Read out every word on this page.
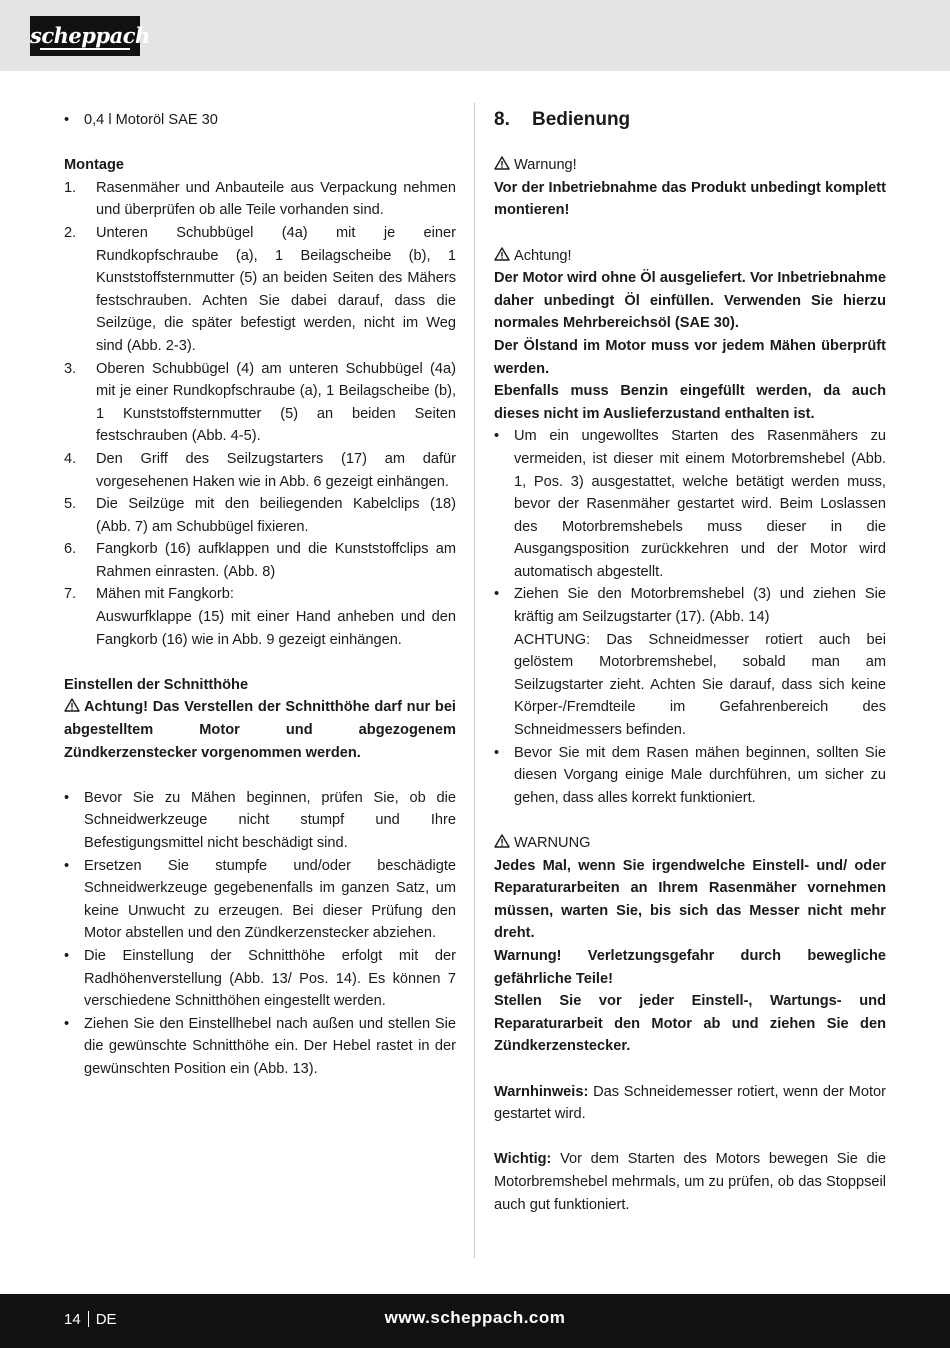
scheppach
• 0,4 l Motoröl SAE 30
Montage
1. Rasenmäher und Anbauteile aus Verpackung nehmen und überprüfen ob alle Teile vorhanden sind.
2. Unteren Schubbügel (4a) mit je einer Rundkopfschraube (a), 1 Beilagscheibe (b), 1 Kunststoffsternmutter (5) an beiden Seiten des Mähers festschrauben. Achten Sie dabei darauf, dass die Seilzüge, die später befestigt werden, nicht im Weg sind (Abb. 2-3).
3. Oberen Schubbügel (4) am unteren Schubbügel (4a) mit je einer Rundkopfschraube (a), 1 Beilagscheibe (b), 1 Kunststoffsternmutter (5) an beiden Seiten festschrauben (Abb. 4-5).
4. Den Griff des Seilzugstarters (17) am dafür vorgesehenen Haken wie in Abb. 6 gezeigt einhängen.
5. Die Seilzüge mit den beiliegenden Kabelclips (18) (Abb. 7) am Schubbügel fixieren.
6. Fangkorb (16) aufklappen und die Kunststoffclips am Rahmen einrasten. (Abb. 8)
7. Mähen mit Fangkorb:
Auswurfklappe (15) mit einer Hand anheben und den Fangkorb (16) wie in Abb. 9 gezeigt einhängen.
Einstellen der Schnitthöhe
Achtung! Das Verstellen der Schnitthöhe darf nur bei abgestelltem Motor und abgezogenem Zündkerzenstecker vorgenommen werden.
• Bevor Sie zu Mähen beginnen, prüfen Sie, ob die Schneidwerkzeuge nicht stumpf und Ihre Befestigungsmittel nicht beschädigt sind.
• Ersetzen Sie stumpfe und/oder beschädigte Schneidwerkzeuge gegebenenfalls im ganzen Satz, um keine Unwucht zu erzeugen. Bei dieser Prüfung den Motor abstellen und den Zündkerzenstecker abziehen.
• Die Einstellung der Schnitthöhe erfolgt mit der Radhöhenverstellung (Abb. 13/ Pos. 14). Es können 7 verschiedene Schnitthöhen eingestellt werden.
• Ziehen Sie den Einstellhebel nach außen und stellen Sie die gewünschte Schnitthöhe ein. Der Hebel rastet in der gewünschten Position ein (Abb. 13).
8. Bedienung
Warnung!
Vor der Inbetriebnahme das Produkt unbedingt komplett montieren!
Achtung!
Der Motor wird ohne Öl ausgeliefert. Vor Inbetriebnahme daher unbedingt Öl einfüllen. Verwenden Sie hierzu normales Mehrbereichsöl (SAE 30).
Der Ölstand im Motor muss vor jedem Mähen überprüft werden.
Ebenfalls muss Benzin eingefüllt werden, da auch dieses nicht im Auslieferzustand enthalten ist.
• Um ein ungewolltes Starten des Rasenmähers zu vermeiden, ist dieser mit einem Motorbremshebel (Abb. 1, Pos. 3) ausgestattet, welche betätigt werden muss, bevor der Rasenmäher gestartet wird. Beim Loslassen des Motorbremshebels muss dieser in die Ausgangsposition zurückkehren und der Motor wird automatisch abgestellt.
• Ziehen Sie den Motorbremshebel (3) und ziehen Sie kräftig am Seilzugstarter (17). (Abb. 14)
ACHTUNG: Das Schneidmesser rotiert auch bei gelöstem Motorbremshebel, sobald man am Seilzugstarter zieht. Achten Sie darauf, dass sich keine Körper-/Fremdteile im Gefahrenbereich des Schneidmessers befinden.
• Bevor Sie mit dem Rasen mähen beginnen, sollten Sie diesen Vorgang einige Male durchführen, um sicher zu gehen, dass alles korrekt funktioniert.
WARNUNG
Jedes Mal, wenn Sie irgendwelche Einstell- und/ oder Reparaturarbeiten an Ihrem Rasenmäher vornehmen müssen, warten Sie, bis sich das Messer nicht mehr dreht.
Warnung! Verletzungsgefahr durch bewegliche gefährliche Teile!
Stellen Sie vor jeder Einstell-, Wartungs- und Reparaturarbeit den Motor ab und ziehen Sie den Zündkerzenstecker.
Warnhinweis: Das Schneidemesser rotiert, wenn der Motor gestartet wird.
Wichtig: Vor dem Starten des Motors bewegen Sie die Motorbremshebel mehrmals, um zu prüfen, ob das Stoppseil auch gut funktioniert.
14 DE	www.scheppach.com
